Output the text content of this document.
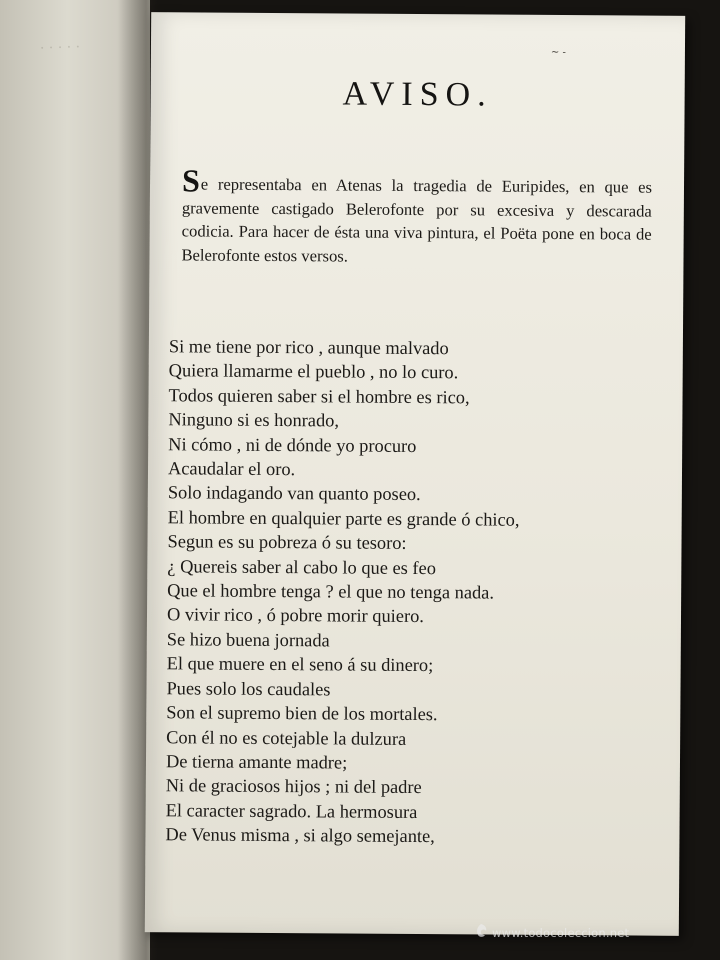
· · · · ·	~ -
AVISO.
Se representaba en Atenas la tragedia de Euripides, en que es gravemente castigado Belerofonte por su excesiva y descarada codicia. Para hacer de ésta una viva pintura, el Poëta pone en boca de Belerofonte estos versos.
Si me tiene por rico , aunque malvado
Quiera llamarme el pueblo , no lo curo.
Todos quieren saber si el hombre es rico,
Ninguno si es honrado,
Ni cómo , ni de dónde yo procuro
Acaudalar el oro.
Solo indagando van quanto poseo.
El hombre en qualquier parte es grande ó chico,
Segun es su pobreza ó su tesoro:
¿ Quereis saber al cabo lo que es feo
Que el hombre tenga ? el que no tenga nada.
O vivir rico , ó pobre morir quiero.
Se hizo buena jornada
El que muere en el seno á su dinero;
Pues solo los caudales
Son el supremo bien de los mortales.
Con él no es cotejable la dulzura
De tierna amante madre;
Ni de graciosos hijos ; ni del padre
El caracter sagrado. La hermosura
De Venus misma , si algo semejante,
www.todocoleccion.net
